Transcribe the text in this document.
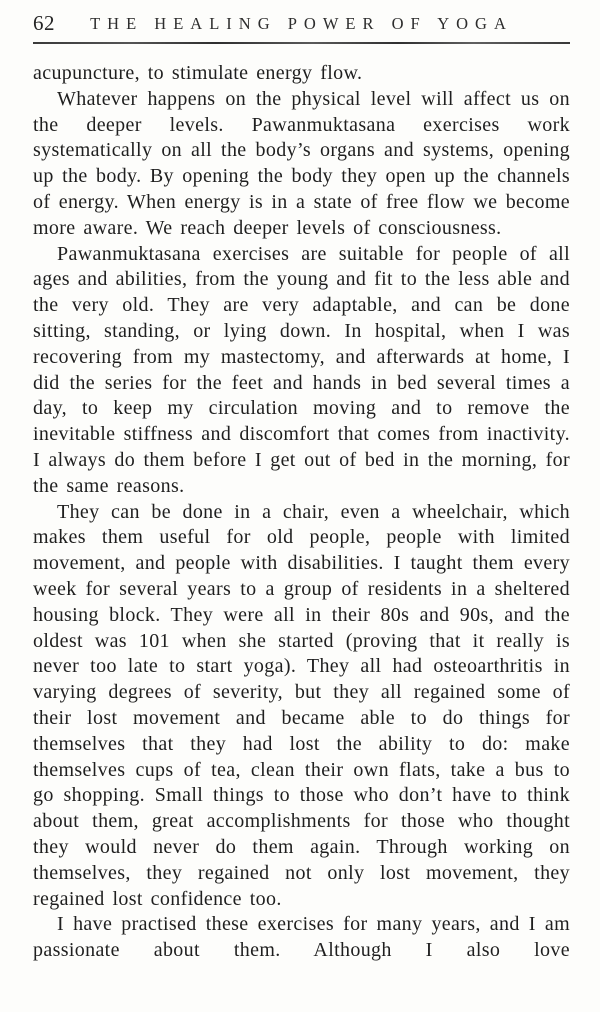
62	THE HEALING POWER OF YOGA

acupuncture, to stimulate energy flow.

Whatever happens on the physical level will affect us on the deeper levels. Pawanmuktasana exercises work systematically on all the body’s organs and systems, opening up the body. By opening the body they open up the channels of energy. When energy is in a state of free flow we become more aware. We reach deeper levels of consciousness.

Pawanmuktasana exercises are suitable for people of all ages and abilities, from the young and fit to the less able and the very old. They are very adaptable, and can be done sitting, standing, or lying down. In hospital, when I was recovering from my mastectomy, and afterwards at home, I did the series for the feet and hands in bed several times a day, to keep my circulation moving and to remove the inevitable stiffness and discomfort that comes from inactivity. I always do them before I get out of bed in the morning, for the same reasons.

They can be done in a chair, even a wheelchair, which makes them useful for old people, people with limited movement, and people with disabilities. I taught them every week for several years to a group of residents in a sheltered housing block. They were all in their 80s and 90s, and the oldest was 101 when she started (proving that it really is never too late to start yoga). They all had osteoarthritis in varying degrees of severity, but they all regained some of their lost movement and became able to do things for themselves that they had lost the ability to do: make themselves cups of tea, clean their own flats, take a bus to go shopping. Small things to those who don’t have to think about them, great accomplishments for those who thought they would never do them again. Through working on themselves, they regained not only lost movement, they regained lost confidence too.

I have practised these exercises for many years, and I am passionate about them. Although I also love
